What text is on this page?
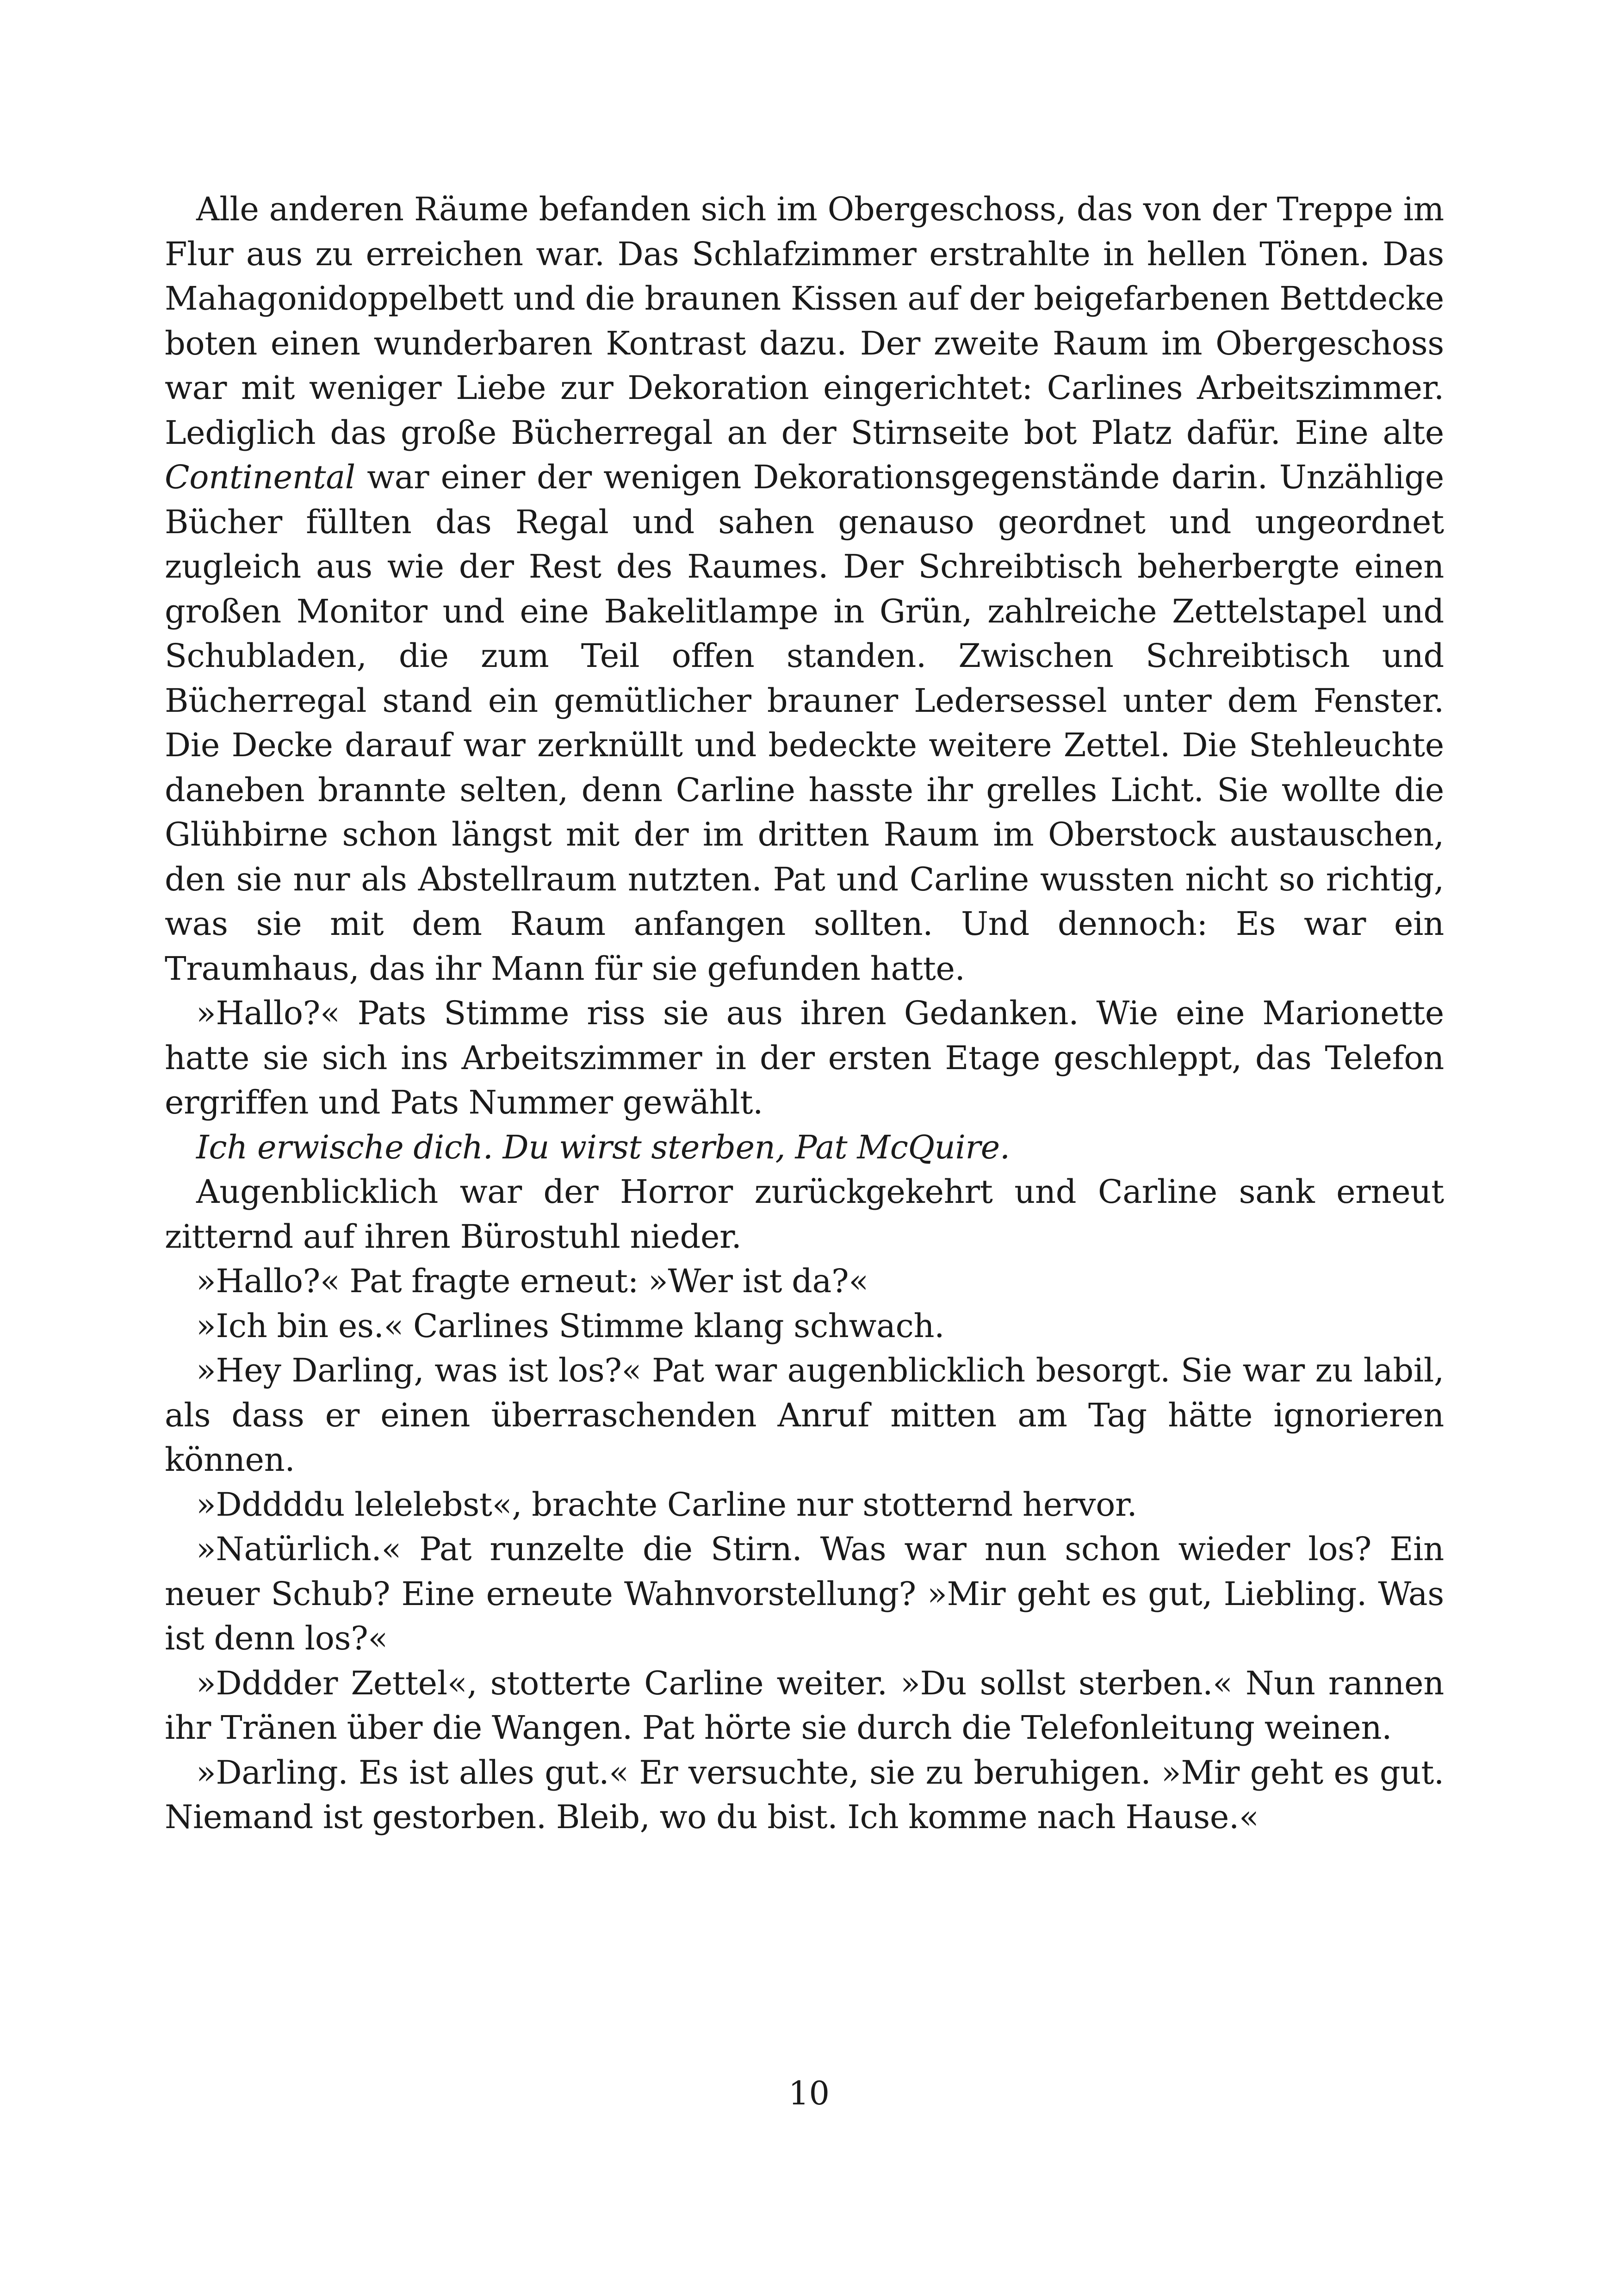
Alle anderen Räume befanden sich im Obergeschoss, das von der Treppe im Flur aus zu erreichen war. Das Schlafzimmer erstrahlte in hellen Tönen. Das Mahagonidoppelbett und die braunen Kissen auf der beigefarbenen Bettdecke boten einen wunderbaren Kontrast dazu. Der zweite Raum im Obergeschoss war mit weniger Liebe zur Dekoration eingerichtet: Carlines Arbeitszimmer. Lediglich das große Bücherregal an der Stirnseite bot Platz dafür. Eine alte Continental war einer der wenigen Dekorationsgegenstände darin. Unzählige Bücher füllten das Regal und sahen genauso geordnet und ungeordnet zugleich aus wie der Rest des Raumes. Der Schreibtisch beherbergte einen großen Monitor und eine Bakelitlampe in Grün, zahlreiche Zettelstapel und Schubladen, die zum Teil offen standen. Zwischen Schreibtisch und Bücherregal stand ein gemütlicher brauner Ledersessel unter dem Fenster. Die Decke darauf war zerknüllt und bedeckte weitere Zettel. Die Stehleuchte daneben brannte selten, denn Carline hasste ihr grelles Licht. Sie wollte die Glühbirne schon längst mit der im dritten Raum im Oberstock austauschen, den sie nur als Abstellraum nutzten. Pat und Carline wussten nicht so richtig, was sie mit dem Raum anfangen sollten. Und dennoch: Es war ein Traumhaus, das ihr Mann für sie gefunden hatte.

»Hallo?« Pats Stimme riss sie aus ihren Gedanken. Wie eine Marionette hatte sie sich ins Arbeitszimmer in der ersten Etage geschleppt, das Telefon ergriffen und Pats Nummer gewählt.

Ich erwische dich. Du wirst sterben, Pat McQuire.

Augenblicklich war der Horror zurückgekehrt und Carline sank erneut zitternd auf ihren Bürostuhl nieder.

»Hallo?« Pat fragte erneut: »Wer ist da?«

»Ich bin es.« Carlines Stimme klang schwach.

»Hey Darling, was ist los?« Pat war augenblicklich besorgt. Sie war zu labil, als dass er einen überraschenden Anruf mitten am Tag hätte ignorieren können.

»Dddddu lelelebst«, brachte Carline nur stotternd hervor.

»Natürlich.« Pat runzelte die Stirn. Was war nun schon wieder los? Ein neuer Schub? Eine erneute Wahnvorstellung? »Mir geht es gut, Liebling. Was ist denn los?«

»Dddder Zettel«, stotterte Carline weiter. »Du sollst sterben.« Nun rannen ihr Tränen über die Wangen. Pat hörte sie durch die Telefonleitung weinen.

»Darling. Es ist alles gut.« Er versuchte, sie zu beruhigen. »Mir geht es gut. Niemand ist gestorben. Bleib, wo du bist. Ich komme nach Hause.«

10
